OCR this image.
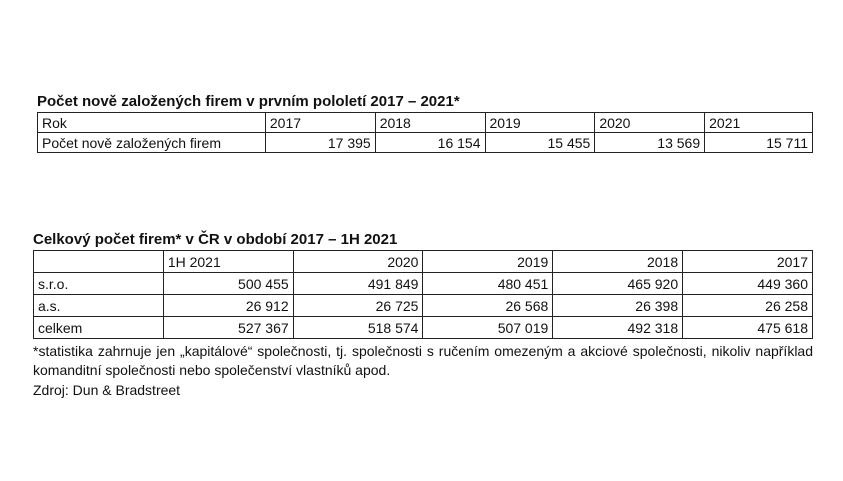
Počet nově založených firem v prvním pololetí 2017 – 2021*
Rok	2017	2018	2019	2020	2021
Počet nově založených firem	17 395	16 154	15 455	13 569	15 711
Celkový počet firem* v ČR v období 2017 – 1H 2021
	1H 2021	2020	2019	2018	2017
s.r.o.	500 455	491 849	480 451	465 920	449 360
a.s.	26 912	26 725	26 568	26 398	26 258
celkem	527 367	518 574	507 019	492 318	475 618
*statistika zahrnuje jen „kapitálové“ společnosti, tj. společnosti s ručením omezeným a akciové společnosti, nikoliv například komanditní společnosti nebo společenství vlastníků apod.
Zdroj: Dun & Bradstreet
